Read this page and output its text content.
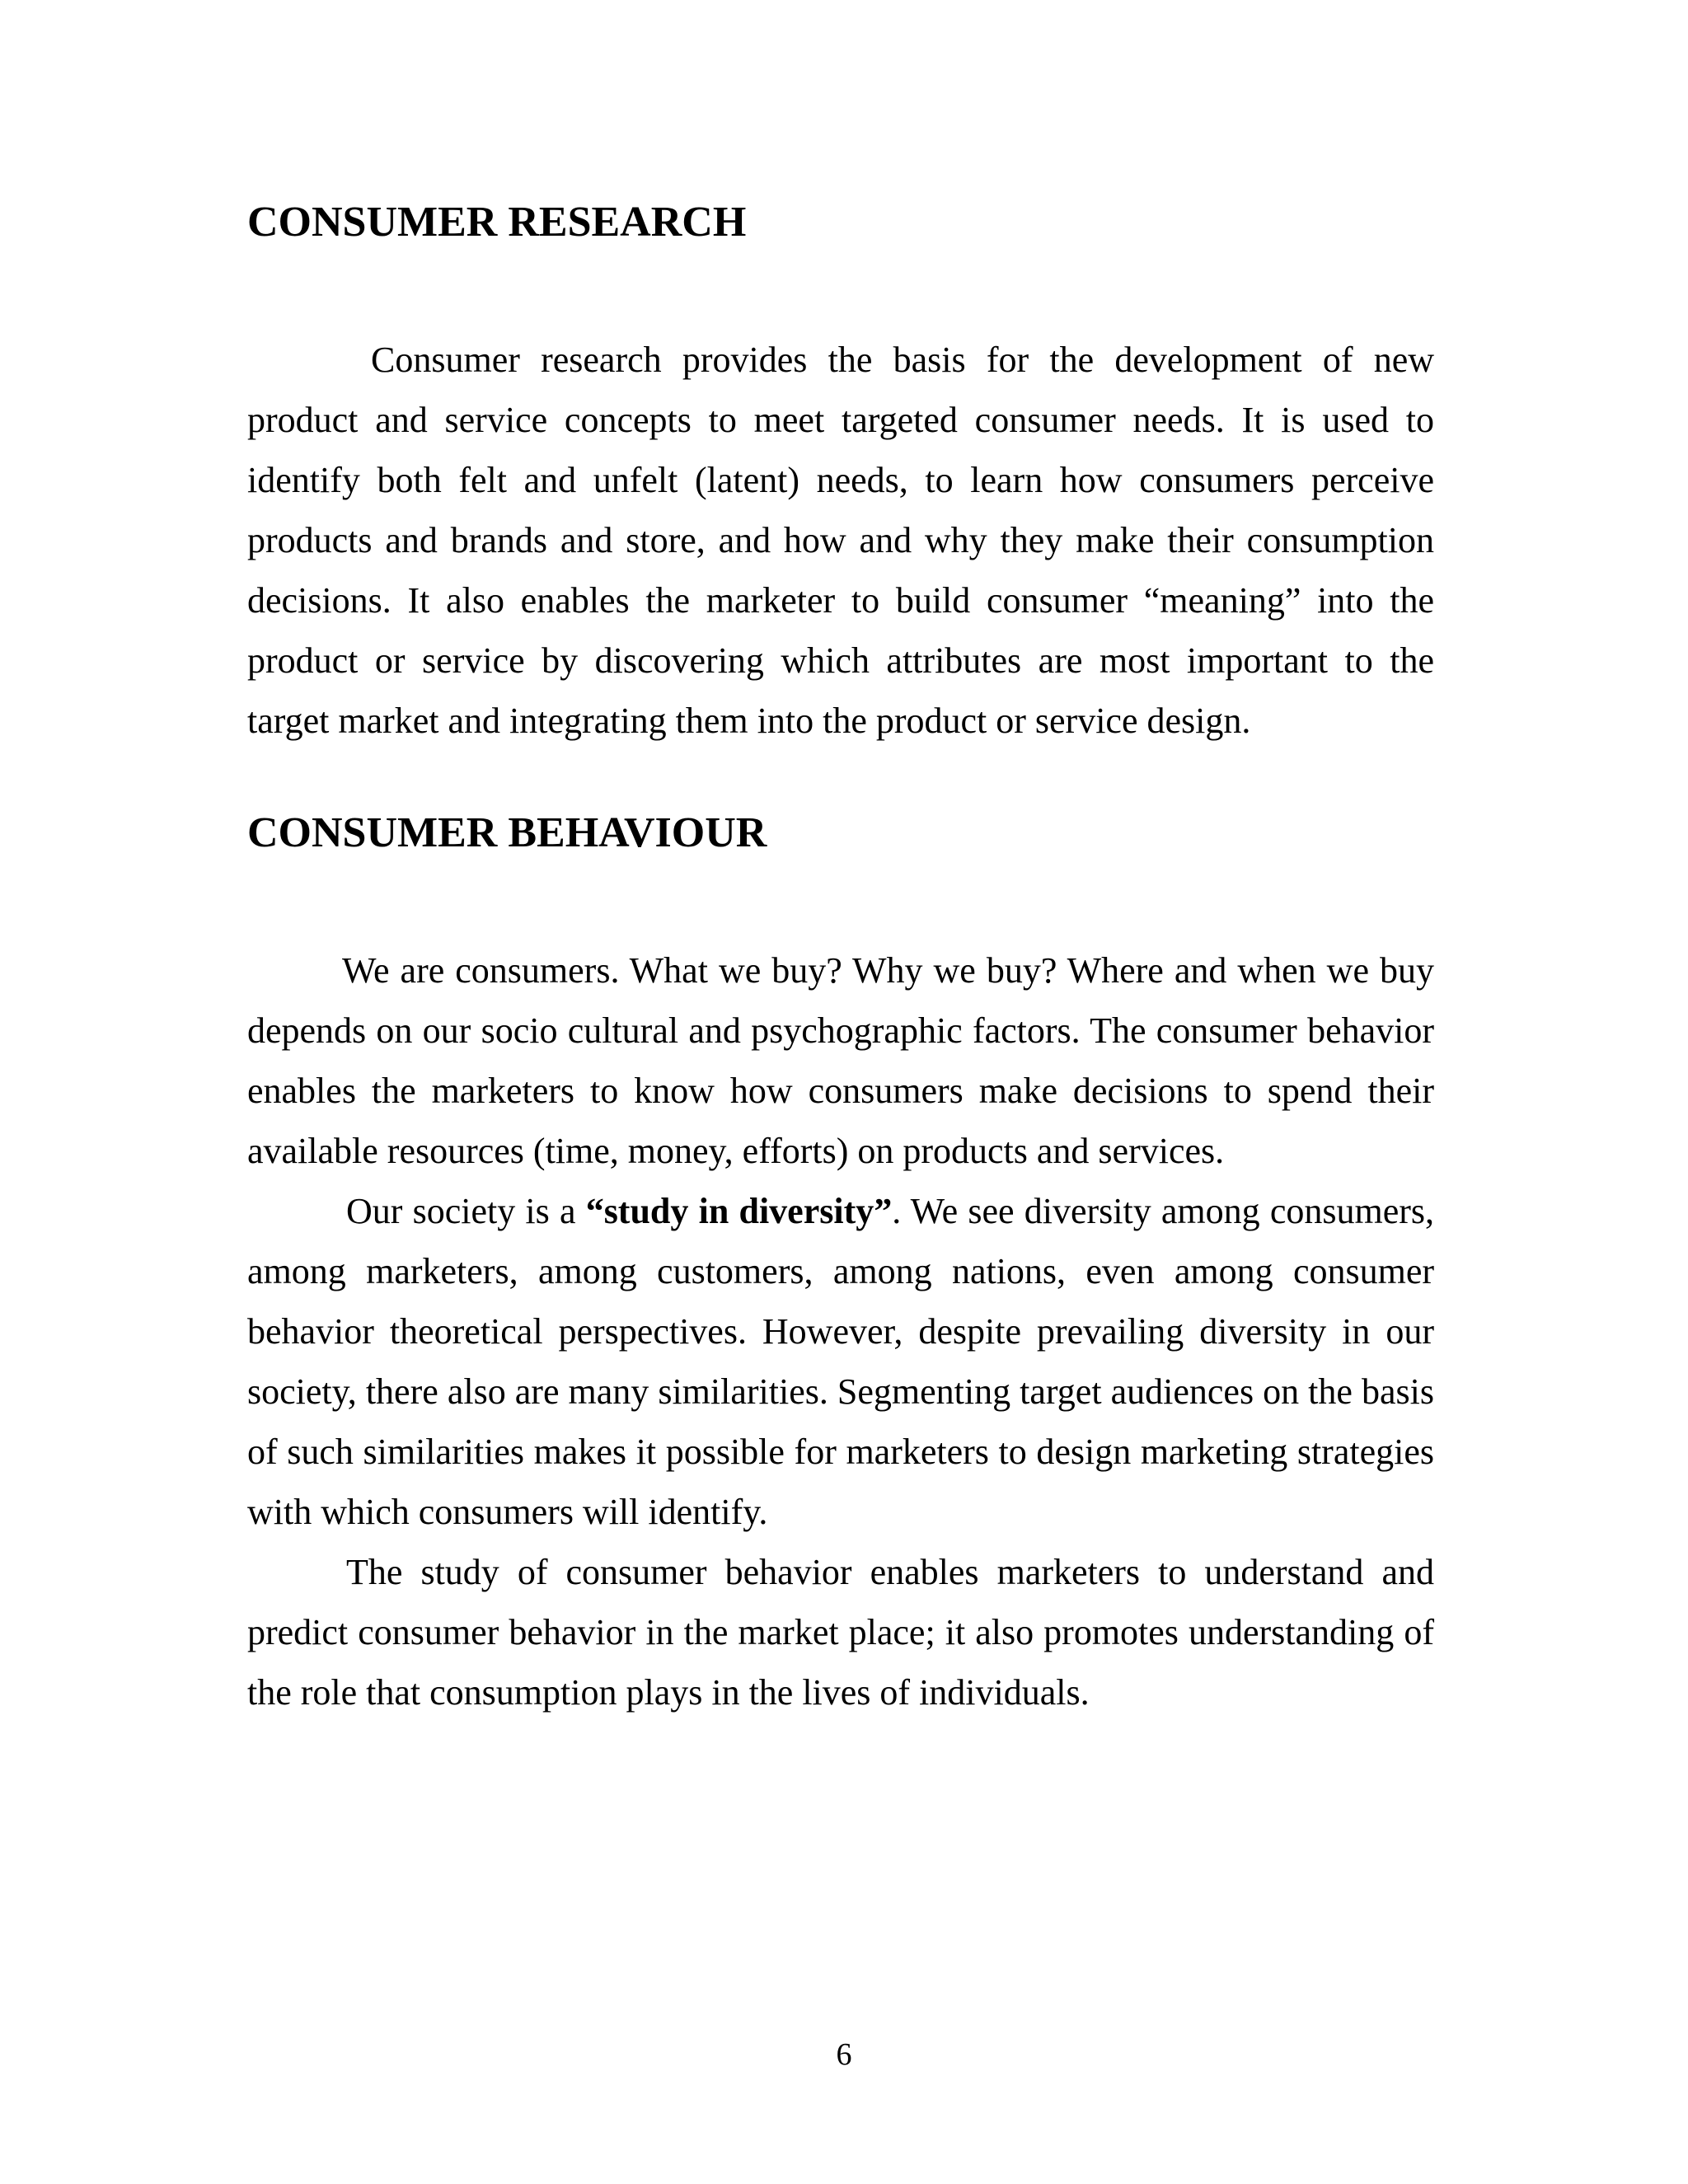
CONSUMER RESEARCH

Consumer research provides the basis for the development of new product and service concepts to meet targeted consumer needs. It is used to identify both felt and unfelt (latent) needs, to learn how consumers perceive products and brands and store, and how and why they make their consumption decisions. It also enables the marketer to build consumer “meaning” into the product or service by discovering which attributes are most important to the target market and integrating them into the product or service design.

CONSUMER BEHAVIOUR

We are consumers. What we buy? Why we buy? Where and when we buy depends on our socio cultural and psychographic factors. The consumer behavior enables the marketers to know how consumers make decisions to spend their available resources (time, money, efforts) on products and services.

Our society is a “study in diversity”. We see diversity among consumers, among marketers, among customers, among nations, even among consumer behavior theoretical perspectives. However, despite prevailing diversity in our society, there also are many similarities. Segmenting target audiences on the basis of such similarities makes it possible for marketers to design marketing strategies with which consumers will identify.

The study of consumer behavior enables marketers to understand and predict consumer behavior in the market place; it also promotes understanding of the role that consumption plays in the lives of individuals.

6
